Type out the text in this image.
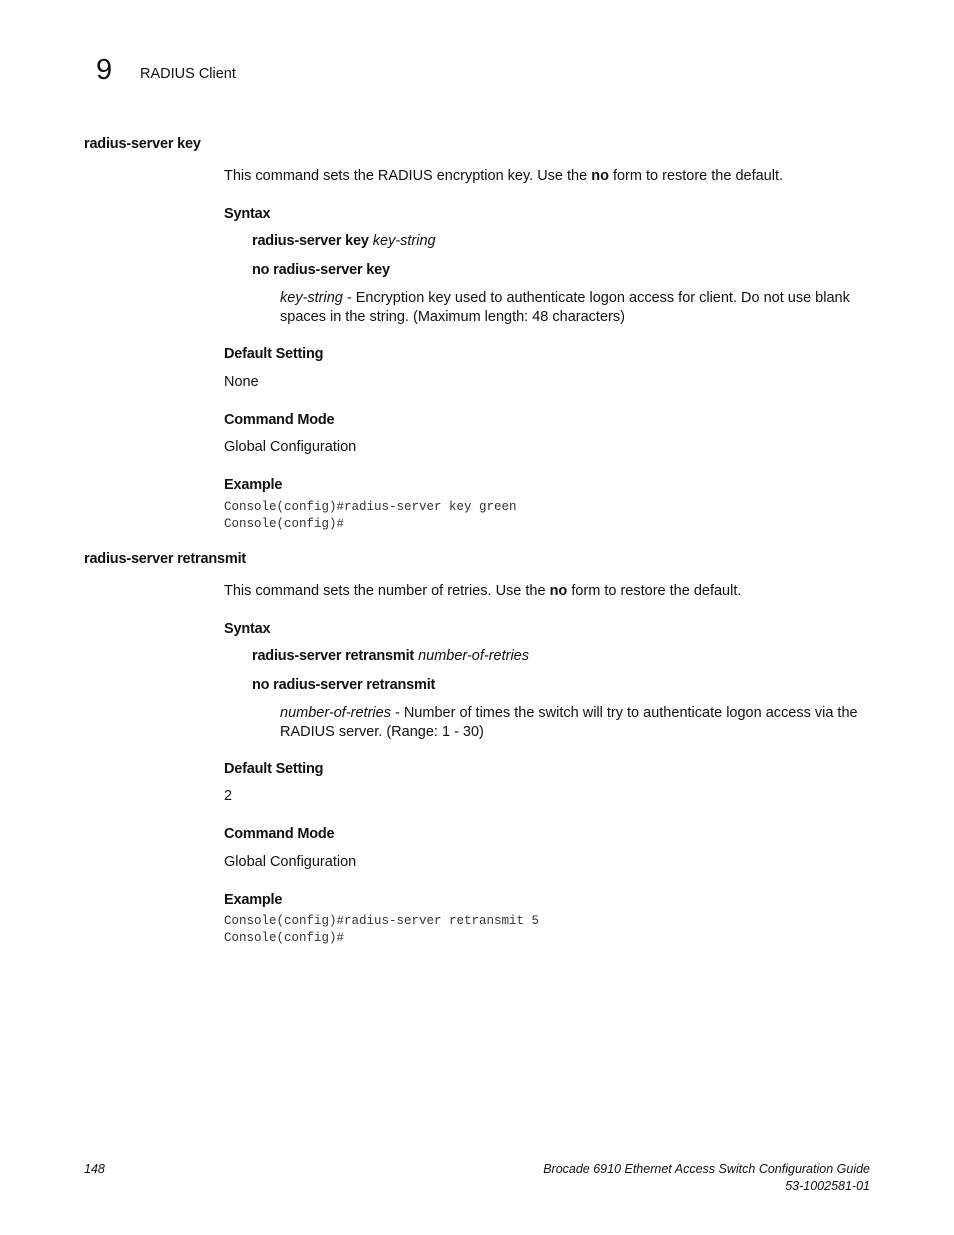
9 RADIUS Client
radius-server key
This command sets the RADIUS encryption key. Use the no form to restore the default.
Syntax
radius-server key key-string
no radius-server key
key-string - Encryption key used to authenticate logon access for client. Do not use blank spaces in the string. (Maximum length: 48 characters)
Default Setting
None
Command Mode
Global Configuration
Example
Console(config)#radius-server key green
Console(config)#
radius-server retransmit
This command sets the number of retries. Use the no form to restore the default.
Syntax
radius-server retransmit number-of-retries
no radius-server retransmit
number-of-retries - Number of times the switch will try to authenticate logon access via the RADIUS server. (Range: 1 - 30)
Default Setting
2
Command Mode
Global Configuration
Example
Console(config)#radius-server retransmit 5
Console(config)#
148	Brocade 6910 Ethernet Access Switch Configuration Guide
53-1002581-01
